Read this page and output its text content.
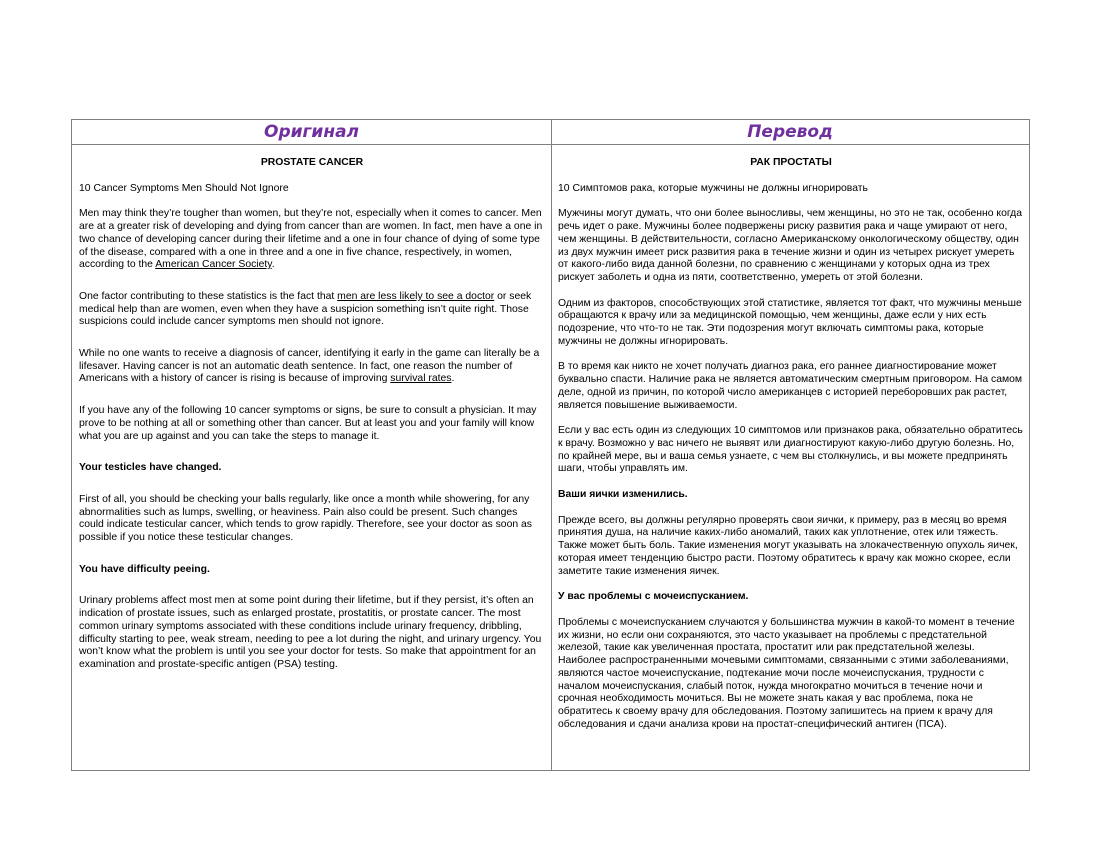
Оригинал	Перевод

PROSTATE CANCER

10 Cancer Symptoms Men Should Not Ignore

Men may think they’re tougher than women, but they’re not, especially when it comes to cancer. Men are at a greater risk of developing and dying from cancer than are women. In fact, men have a one in two chance of developing cancer during their lifetime and a one in four chance of dying of some type of the disease, compared with a one in three and a one in five chance, respectively, in women, according to the American Cancer Society.

One factor contributing to these statistics is the fact that men are less likely to see a doctor or seek medical help than are women, even when they have a suspicion something isn’t quite right. Those suspicions could include cancer symptoms men should not ignore.

While no one wants to receive a diagnosis of cancer, identifying it early in the game can literally be a lifesaver. Having cancer is not an automatic death sentence. In fact, one reason the number of Americans with a history of cancer is rising is because of improving survival rates.

If you have any of the following 10 cancer symptoms or signs, be sure to consult a physician. It may prove to be nothing at all or something other than cancer. But at least you and your family will know what you are up against and you can take the steps to manage it.

Your testicles have changed.

First of all, you should be checking your balls regularly, like once a month while showering, for any abnormalities such as lumps, swelling, or heaviness. Pain also could be present. Such changes could indicate testicular cancer, which tends to grow rapidly. Therefore, see your doctor as soon as possible if you notice these testicular changes.

You have difficulty peeing.

Urinary problems affect most men at some point during their lifetime, but if they persist, it’s often an indication of prostate issues, such as enlarged prostate, prostatitis, or prostate cancer. The most common urinary symptoms associated with these conditions include urinary frequency, dribbling, difficulty starting to pee, weak stream, needing to pee a lot during the night, and urinary urgency. You won’t know what the problem is until you see your doctor for tests. So make that appointment for an examination and prostate-specific antigen (PSA) testing.

РАК ПРОСТАТЫ

10 Симптомов рака, которые мужчины не должны игнорировать

Мужчины могут думать, что они более выносливы, чем женщины, но это не так, особенно когда речь идет о раке. Мужчины более подвержены риску развития рака и чаще умирают от него, чем женщины. В действительности, согласно Американскому онкологическому обществу, один из двух мужчин имеет риск развития рака в течение жизни и один из четырех рискует умереть от какого-либо вида данной болезни, по сравнению с женщинами у которых одна из трех рискует заболеть и одна из пяти, соответственно, умереть от этой болезни.

Одним из факторов, способствующих этой статистике, является тот факт, что мужчины меньше обращаются к врачу или за медицинской помощью, чем женщины, даже если у них есть подозрение, что что-то не так. Эти подозрения могут включать симптомы рака, которые мужчины не должны игнорировать.

В то время как никто не хочет получать диагноз рака, его раннее диагностирование может буквально спасти. Наличие рака не является автоматическим смертным приговором. На самом деле, одной из причин, по которой число американцев с историей переборовших рак растет, является повышение выживаемости.

Если у вас есть один из следующих 10 симптомов или признаков рака, обязательно обратитесь к врачу. Возможно у вас ничего не выявят или диагностируют какую-либо другую болезнь. Но, по крайней мере, вы и ваша семья узнаете, с чем вы столкнулись, и вы можете предпринять шаги, чтобы управлять им.

Ваши яички изменились.

Прежде всего, вы должны регулярно проверять свои яички, к примеру, раз в месяц во время принятия душа, на наличие каких-либо аномалий, таких как уплотнение, отек или тяжесть. Также может быть боль. Такие изменения могут указывать на злокачественную опухоль яичек, которая имеет тенденцию быстро расти. Поэтому обратитесь к врачу как можно скорее, если заметите такие изменения яичек.

У вас проблемы с мочеиспусканием.

Проблемы с мочеиспусканием случаются у большинства мужчин в какой-то момент в течение их жизни, но если они сохраняются, это часто указывает на проблемы с предстательной железой, такие как увеличенная простата, простатит или рак предстательной железы. Наиболее распространенными мочевыми симптомами, связанными с этими заболеваниями, являются частое мочеиспускание, подтекание мочи после мочеиспускания, трудности с началом мочеиспускания, слабый поток, нужда многократно мочиться в течение ночи и срочная необходимость мочиться. Вы не можете знать какая у вас проблема, пока не обратитесь к своему врачу для обследования. Поэтому запишитесь на прием к врачу для обследования и сдачи анализа крови на простат-специфический антиген (ПСА).
